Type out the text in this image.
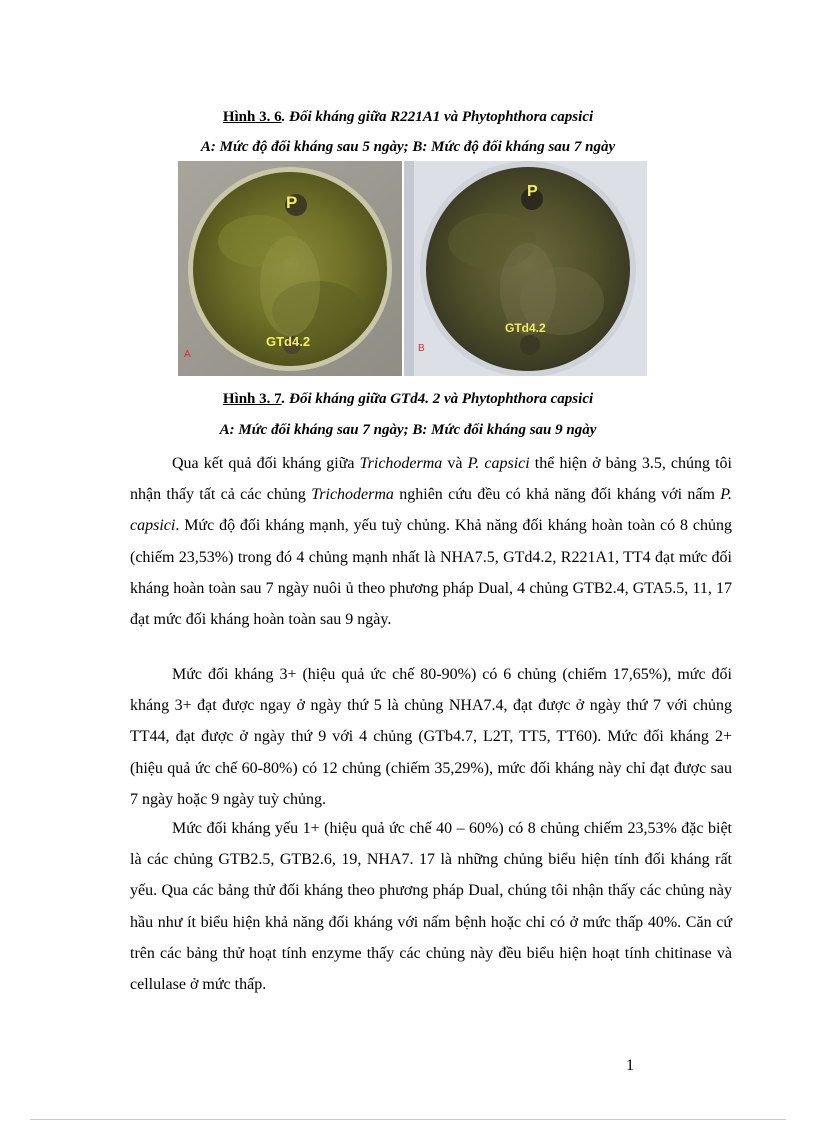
Hình 3. 6. Đối kháng giữa R221A1 và Phytophthora capsici
A: Mức độ đối kháng sau 5 ngày; B: Mức độ đối kháng sau 7 ngày
P
GTd4.2
A
P
GTd4.2
B
Hình 3. 7. Đối kháng giữa GTd4. 2 và Phytophthora capsici
A: Mức đối kháng sau 7 ngày; B: Mức đối kháng sau 9 ngày

Qua kết quả đối kháng giữa Trichoderma và P. capsici thể hiện ở bảng 3.5, chúng tôi nhận thấy tất cả các chủng Trichoderma nghiên cứu đều có khả năng đối kháng với nấm P. capsici. Mức độ đối kháng mạnh, yếu tuỳ chủng. Khả năng đối kháng hoàn toàn có 8 chủng (chiếm 23,53%) trong đó 4 chủng mạnh nhất là NHA7.5, GTd4.2, R221A1, TT4 đạt mức đối kháng hoàn toàn sau 7 ngày nuôi ủ theo phương pháp Dual, 4 chủng GTB2.4, GTA5.5, 11, 17 đạt mức đối kháng hoàn toàn sau 9 ngày.

Mức đối kháng 3+ (hiệu quả ức chế 80-90%) có 6 chủng (chiếm 17,65%), mức đối kháng 3+ đạt được ngay ở ngày thứ 5 là chủng NHA7.4, đạt được ở ngày thứ 7 với chủng TT44, đạt được ở ngày thứ 9 với 4 chủng (GTb4.7, L2T, TT5, TT60). Mức đối kháng 2+ (hiệu quả ức chế 60-80%) có 12 chủng (chiếm 35,29%), mức đối kháng này chỉ đạt được sau 7 ngày hoặc 9 ngày tuỳ chủng.

Mức đối kháng yếu 1+ (hiệu quả ức chế 40 – 60%) có 8 chủng chiếm 23,53% đặc biệt là các chủng GTB2.5, GTB2.6, 19, NHA7. 17 là những chủng biểu hiện tính đối kháng rất yếu. Qua các bảng thử đối kháng theo phương pháp Dual, chúng tôi nhận thấy các chủng này hầu như ít biểu hiện khả năng đối kháng với nấm bệnh hoặc chỉ có ở mức thấp 40%. Căn cứ trên các bảng thử hoạt tính enzyme thấy các chủng này đều biểu hiện hoạt tính chitinase và cellulase ở mức thấp.

1
